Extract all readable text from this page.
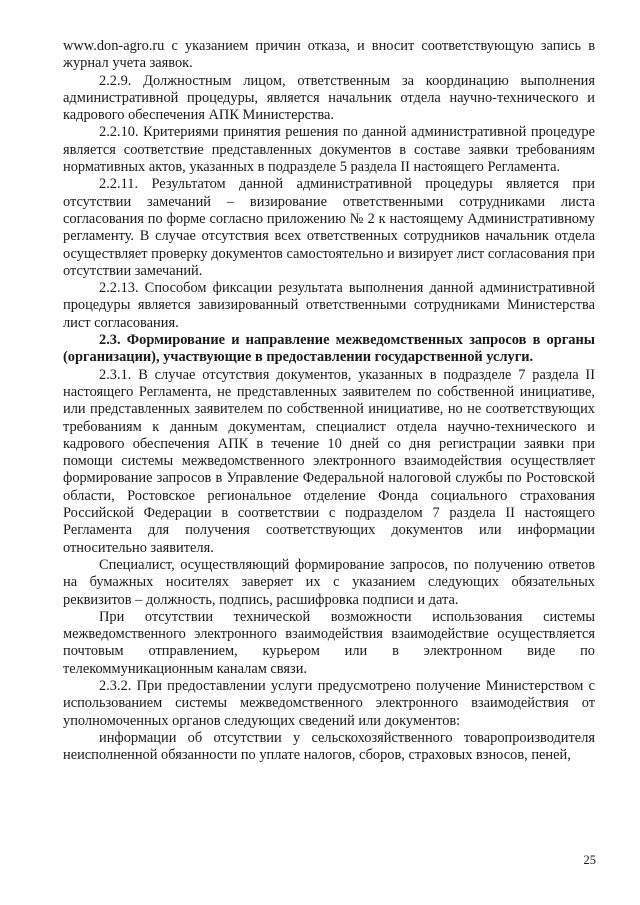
www.don-agro.ru с указанием причин отказа, и вносит соответствующую запись в журнал учета заявок.

2.2.9. Должностным лицом, ответственным за координацию выполнения административной процедуры, является начальник отдела научно-технического и кадрового обеспечения АПК Министерства.

2.2.10. Критериями принятия решения по данной административной процедуре является соответствие представленных документов в составе заявки требованиям нормативных актов, указанных в подразделе 5 раздела II настоящего Регламента.

2.2.11. Результатом данной административной процедуры является при отсутствии замечаний – визирование ответственными сотрудниками листа согласования по форме согласно приложению № 2 к настоящему Административному регламенту. В случае отсутствия всех ответственных сотрудников начальник отдела осуществляет проверку документов самостоятельно и визирует лист согласования при отсутствии замечаний.

2.2.13. Способом фиксации результата выполнения данной административной процедуры является завизированный ответственными сотрудниками Министерства лист согласования.

2.3. Формирование и направление межведомственных запросов в органы (организации), участвующие в предоставлении государственной услуги.

2.3.1. В случае отсутствия документов, указанных в подразделе 7 раздела II настоящего Регламента, не представленных заявителем по собственной инициативе, или представленных заявителем по собственной инициативе, но не соответствующих требованиям к данным документам, специалист отдела научно-технического и кадрового обеспечения АПК в течение 10 дней со дня регистрации заявки при помощи системы межведомственного электронного взаимодействия осуществляет формирование запросов в Управление Федеральной налоговой службы по Ростовской области, Ростовское региональное отделение Фонда социального страхования Российской Федерации в соответствии с подразделом 7 раздела II настоящего Регламента для получения соответствующих документов или информации относительно заявителя.

Специалист, осуществляющий формирование запросов, по получению ответов на бумажных носителях заверяет их с указанием следующих обязательных реквизитов – должность, подпись, расшифровка подписи и дата.

При отсутствии технической возможности использования системы межведомственного электронного взаимодействия взаимодействие осуществляется почтовым отправлением, курьером или в электронном виде по телекоммуникационным каналам связи.

2.3.2. При предоставлении услуги предусмотрено получение Министерством с использованием системы межведомственного электронного взаимодействия от уполномоченных органов следующих сведений или документов:

информации об отсутствии у сельскохозяйственного товаропроизводителя неисполненной обязанности по уплате налогов, сборов, страховых взносов, пеней,

25
